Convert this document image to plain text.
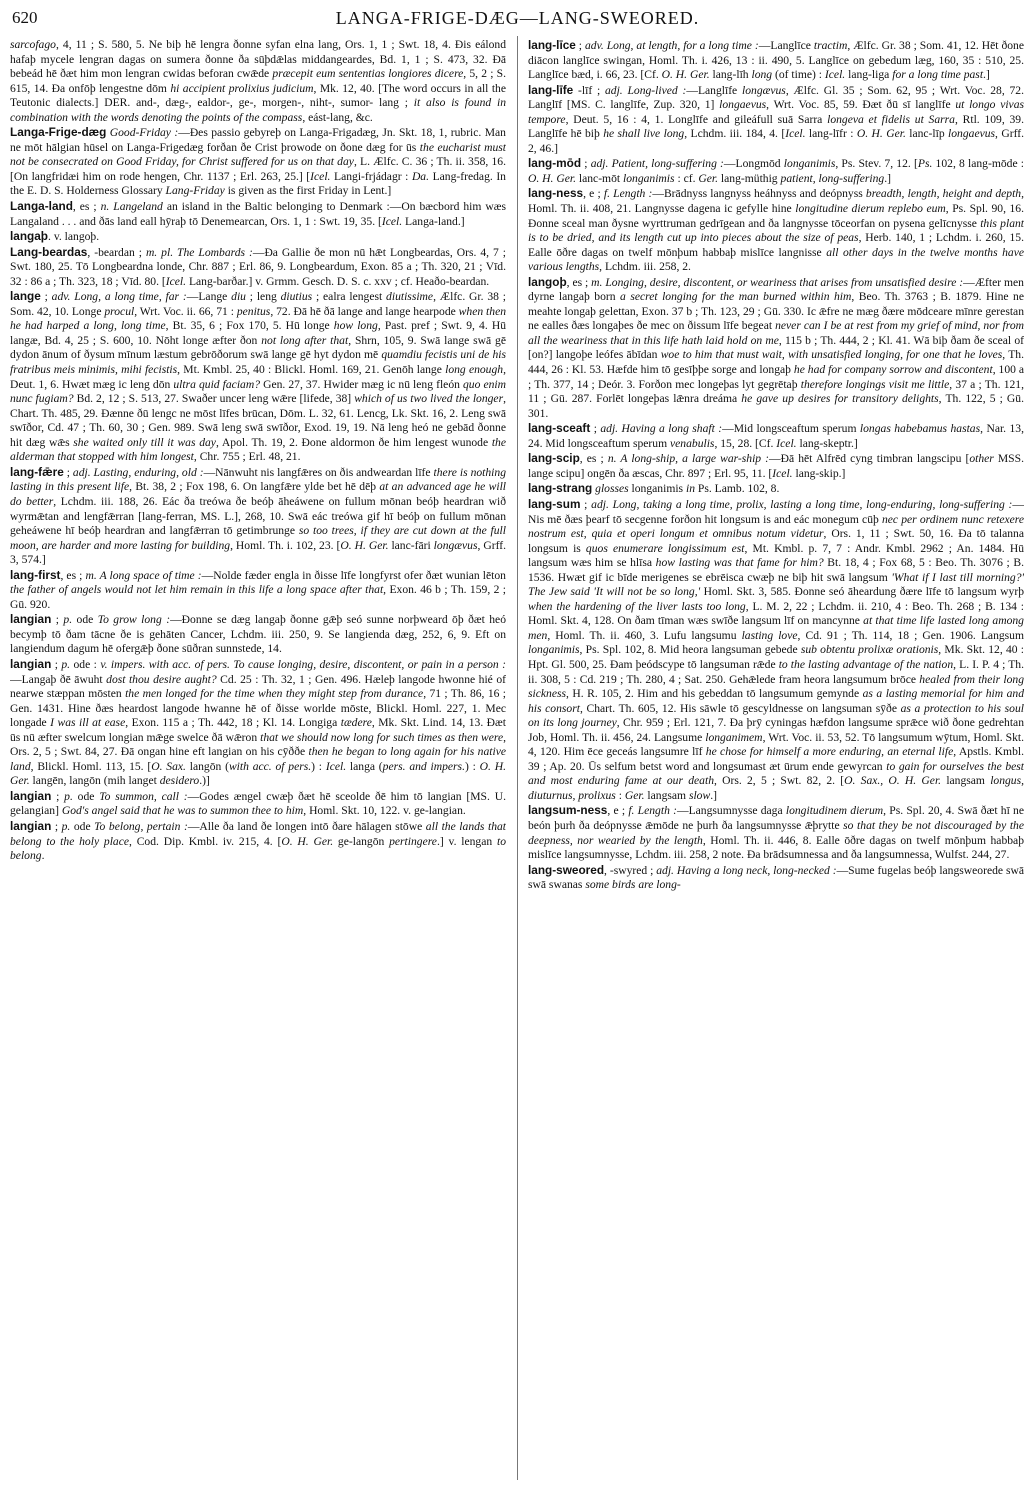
620	LANGA-FRIGE-DÆG—LANG-SWEORED.

sarcofago, 4, 11 ; S. 580, 5. Ne biþ hē lengra ðonne syfan elna lang, Ors. 1, 1 ; Swt. 18, 4. Ðis eálond hafaþ mycele lengran dagas on sumera ðonne ða sūþdǣlas middangeardes, Bd. 1, 1 ; S. 473, 32. Ðā bebeád hē ðæt him mon lengran cwidas beforan cwǣde præcepit eum sententias longiores dicere, 5, 2 ; S. 615, 14. Ða onfōþ lengestne dōm hi accipient prolixius judicium, Mk. 12, 40. [The word occurs in all the Teutonic dialects.] DER. and-, dæg-, ealdor-, ge-, morgen-, niht-, sumor- lang ; it also is found in combination with the words denoting the points of the compass, eást-lang, &c.

Langa-Frige-dæg Good-Friday :—Ðes passio gebyreþ on Langa-Frigadæg, Jn. Skt. 18, 1, rubric. Man ne mōt hālgian hūsel on Langa-Frigedæg forðan ðe Crist þrowode on ðone dæg for ūs the eucharist must not be consecrated on Good Friday, for Christ suffered for us on that day, L. Ælfc. C. 36 ; Th. ii. 358, 16. [On langfridæi him on rode hengen, Chr. 1137 ; Erl. 263, 25.] [Icel. Langi-frjádagr : Da. Lang-fredag. In the E. D. S. Holderness Glossary Lang-Friday is given as the first Friday in Lent.]

Langa-land, es ; n. Langeland an island in the Baltic belonging to Denmark :—On bæcbord him wæs Langaland . . . and ðās land eall hȳraþ tō Denemearcan, Ors. 1, 1 : Swt. 19, 35. [Icel. Langa-land.]

langaþ. v. langoþ.

Lang-beardas, -beardan ; m. pl. The Lombards :—Ða Gallie ðe mon nū hǣt Longbeardas, Ors. 4, 7 ; Swt. 180, 25. Tō Longbeardna londe, Chr. 887 ; Erl. 86, 9. Longbeardum, Exon. 85 a ; Th. 320, 21 ; Vīd. 32 : 86 a ; Th. 323, 18 ; Vīd. 80. [Icel. Lang-barðar.] v. Grmm. Gesch. D. S. c. xxv ; cf. Heaðo-beardan.

lange ; adv. Long, a long time, far :—Lange diu ; leng diutius ; ealra lengest diutissime, Ælfc. Gr. 38 ; Som. 42, 10. Longe procul, Wrt. Voc. ii. 66, 71 : penitus, 72. Ðā hē ðā lange and lange hearpode when then he had harped a long, long time, Bt. 35, 6 ; Fox 170, 5. Hū longe how long, Past. pref ; Swt. 9, 4. Hū langæ, Bd. 4, 25 ; S. 600, 10. Nōht longe æfter ðon not long after that, Shrn, 105, 9. Swā lange swā gē dydon ānum of ðysum mīnum læstum gebrōðorum swā lange gē hyt dydon mē quamdiu fecistis uni de his fratribus meis minimis, mihi fecistis, Mt. Kmbl. 25, 40 : Blickl. Homl. 169, 21. Genōh lange long enough, Deut. 1, 6. Hwæt mæg ic leng dōn ultra quid faciam? Gen. 27, 37. Hwider mæg ic nū leng fleón quo enim nunc fugiam? Bd. 2, 12 ; S. 513, 27. Swaðer uncer leng wǣre [lifede, 38] which of us two lived the longer, Chart. Th. 485, 29. Ðænne ðū lengc ne mōst līfes brūcan, Dōm. L. 32, 61. Lencg, Lk. Skt. 16, 2. Leng swā swīðor, Cd. 47 ; Th. 60, 30 ; Gen. 989. Swā leng swā swīðor, Exod. 19, 19. Nā leng heó ne gebād ðonne hit dæg wǣs she waited only till it was day, Apol. Th. 19, 2. Ðone aldormon ðe him lengest wunode the alderman that stopped with him longest, Chr. 755 ; Erl. 48, 21.

lang-fǣre ; adj. Lasting, enduring, old :—Nānwuht nis langfǣres on ðis andweardan līfe there is nothing lasting in this present life, Bt. 38, 2 ; Fox 198, 6. On langfǣre ylde bet hē dēþ at an advanced age he will do better, Lchdm. iii. 188, 26. Eác ða treówa ðe beóþ āheáwene on fullum mōnan beóþ heardran wið wyrmǣtan and lengfǣrran [lang-ferran, MS. L.], 268, 10. Swā eác treówa gif hī beóþ on fullum mōnan geheáwene hī beóþ heardran and langfǣrran tō getimbrunge so too trees, if they are cut down at the full moon, are harder and more lasting for building, Homl. Th. i. 102, 23. [O. H. Ger. lanc-fāri longævus, Grff. 3, 574.]

lang-first, es ; m. A long space of time :—Nolde fæder engla in ðisse līfe longfyrst ofer ðæt wunian lēton the father of angels would not let him remain in this life a long space after that, Exon. 46 b ; Th. 159, 2 ; Gū. 920.

langian ; p. ode To grow long :—Ðonne se dæg langaþ ðonne gǣþ seó sunne norþweard ōþ ðæt heó becymþ tō ðam tācne ðe is gehāten Cancer, Lchdm. iii. 250, 9. Se langienda dæg, 252, 6, 9. Eft on langiendum dagum hē ofergǣþ ðone sūðran sunnstede, 14.

langian ; p. ode : v. impers. with acc. of pers. To cause longing, desire, discontent, or pain in a person :—Langaþ ðē āwuht dost thou desire aught? Cd. 25 : Th. 32, 1 ; Gen. 496. Hæleþ langode hwonne hié of nearwe stæppan mōsten the men longed for the time when they might step from durance, 71 ; Th. 86, 16 ; Gen. 1431. Hine ðæs heardost langode hwanne hē of ðisse worlde mōste, Blickl. Homl. 227, 1. Mec longade I was ill at ease, Exon. 115 a ; Th. 442, 18 ; Kl. 14. Longiga tædere, Mk. Skt. Lind. 14, 13. Ðæt ūs nū æfter swelcum longian mǣge swelce ðā wǣron that we should now long for such times as then were, Ors. 2, 5 ; Swt. 84, 27. Ðā ongan hine eft langian on his cȳððe then he began to long again for his native land, Blickl. Homl. 113, 15. [O. Sax. langōn (with acc. of pers.) : Icel. langa (pers. and impers.) : O. H. Ger. langēn, langōn (mih langet desidero.)]

langian ; p. ode To summon, call :—Godes ængel cwæþ ðæt hē sceolde ðē him tō langian [MS. U. gelangian] God's angel said that he was to summon thee to him, Homl. Skt. 10, 122. v. ge-langian.

langian ; p. ode To belong, pertain :—Alle ða land ðe longen intō ðare hālagen stōwe all the lands that belong to the holy place, Cod. Dip. Kmbl. iv. 215, 4. [O. H. Ger. ge-langōn pertingere.] v. lengan to belong.

lang-līce ; adv. Long, at length, for a long time :—Langlīce tractim, Ælfc. Gr. 38 ; Som. 41, 12. Hēt ðone diācon langlīce swingan, Homl. Th. i. 426, 13 : ii. 490, 5. Langlīce on gebedum læg, 160, 35 : 510, 25. Langlīce bæd, i. 66, 23. [Cf. O. H. Ger. lang-līh long (of time) : Icel. lang-liga for a long time past.]

lang-līfe -līf ; adj. Long-lived :—Langlīfe longævus, Ælfc. Gl. 35 ; Som. 62, 95 ; Wrt. Voc. 28, 72. Langlīf [MS. C. langlīfe, Zup. 320, 1] longaevus, Wrt. Voc. 85, 59. Ðæt ðū sī langlīfe ut longo vivas tempore, Deut. 5, 16 : 4, 1. Longlīfe and gileáfull suā Sarra longeva et fidelis ut Sarra, Rtl. 109, 39. Langlīfe hē biþ he shall live long, Lchdm. iii. 184, 4. [Icel. lang-līfr : O. H. Ger. lanc-līp longaevus, Grff. 2, 46.]

lang-mōd ; adj. Patient, long-suffering :—Longmōd longanimis, Ps. Stev. 7, 12. [Ps. 102, 8 lang-mōde : O. H. Ger. lanc-mōt longanimis : cf. Ger. lang-müthig patient, long-suffering.]

lang-ness, e ; f. Length :—Brādnyss langnyss heáhnyss and deópnyss breadth, length, height and depth, Homl. Th. ii. 408, 21. Langnysse dagena ic gefylle hine longitudine dierum replebo eum, Ps. Spl. 90, 16. Ðonne sceal man ðysne wyrttruman gedrīgean and ða langnysse tōceorfan on pysena gelīcnysse this plant is to be dried, and its length cut up into pieces about the size of peas, Herb. 140, 1 ; Lchdm. i. 260, 15. Ealle ōðre dagas on twelf mōnþum habbaþ mislīce langnisse all other days in the twelve months have various lengths, Lchdm. iii. 258, 2.

langoþ, es ; m. Longing, desire, discontent, or weariness that arises from unsatisfied desire :—Æfter men dyrne langaþ born a secret longing for the man burned within him, Beo. Th. 3763 ; B. 1879. Hine ne meahte longaþ gelettan, Exon. 37 b ; Th. 123, 29 ; Gū. 330. Ic ǣfre ne mæg ðære mōdceare mīnre gerestan ne ealles ðæs longaþes ðe mec on ðissum līfe begeat never can I be at rest from my grief of mind, nor from all the weariness that in this life hath laid hold on me, 115 b ; Th. 444, 2 ; Kl. 41. Wā biþ ðam ðe sceal of [on?] langoþe leófes ābīdan woe to him that must wait, with unsatisfied longing, for one that he loves, Th. 444, 26 : Kl. 53. Hæfde him tō gesīþþe sorge and longaþ he had for company sorrow and discontent, 100 a ; Th. 377, 14 ; Deór. 3. Forðon mec longeþas lyt gegrētaþ therefore longings visit me little, 37 a ; Th. 121, 11 ; Gū. 287. Forlēt longeþas lǣnra dreáma he gave up desires for transitory delights, Th. 122, 5 ; Gū. 301.

lang-sceaft ; adj. Having a long shaft :—Mid longsceaftum sperum longas habebamus hastas, Nar. 13, 24. Mid longsceaftum sperum venabulis, 15, 28. [Cf. Icel. lang-skeptr.]

lang-scip, es ; n. A long-ship, a large war-ship :—Ðā hēt Alfrēd cyng timbran langscipu [other MSS. lange scipu] ongēn ða æscas, Chr. 897 ; Erl. 95, 11. [Icel. lang-skip.]

lang-strang glosses longanimis in Ps. Lamb. 102, 8.

lang-sum ; adj. Long, taking a long time, prolix, lasting a long time, long-enduring, long-suffering :—Nis mē ðæs þearf tō secgenne forðon hit longsum is and eác monegum cūþ nec per ordinem nunc retexere nostrum est, quia et operi longum et omnibus notum videtur, Ors. 1, 11 ; Swt. 50, 16. Ða tō talanna longsum is quos enumerare longissimum est, Mt. Kmbl. p. 7, 7 : Andr. Kmbl. 2962 ; An. 1484. Hū langsum wæs him se hlīsa how lasting was that fame for him? Bt. 18, 4 ; Fox 68, 5 : Beo. Th. 3076 ; B. 1536. Hwæt gif ic bīde merigenes se ebrēisca cwæþ ne biþ hit swā langsum 'What if I last till morning?' The Jew said 'It will not be so long,' Homl. Skt. 3, 585. Ðonne seó āheardung ðære līfe tō langsum wyrþ when the hardening of the liver lasts too long, L. M. 2, 22 ; Lchdm. ii. 210, 4 : Beo. Th. 268 ; B. 134 : Homl. Skt. 4, 128. On ðam tīman wæs swīðe langsum līf on mancynne at that time life lasted long among men, Homl. Th. ii. 460, 3. Lufu langsumu lasting love, Cd. 91 ; Th. 114, 18 ; Gen. 1906. Langsum longanimis, Ps. Spl. 102, 8. Mid heora langsuman gebede sub obtentu prolixæ orationis, Mk. Skt. 12, 40 : Hpt. Gl. 500, 25. Ðam þeódscype tō langsuman rǣde to the lasting advantage of the nation, L. I. P. 4 ; Th. ii. 308, 5 : Cd. 219 ; Th. 280, 4 ; Sat. 250. Gehǣlede fram heora langsumum brōce healed from their long sickness, H. R. 105, 2. Him and his gebeddan tō langsumum gemynde as a lasting memorial for him and his consort, Chart. Th. 605, 12. His sāwle tō gescyldnesse on langsuman sȳðe as a protection to his soul on its long journey, Chr. 959 ; Erl. 121, 7. Ða þrȳ cyningas hæfdon langsume sprǣce wið ðone gedrehtan Job, Homl. Th. ii. 456, 24. Langsume longanimem, Wrt. Voc. ii. 53, 52. Tō langsumum wȳtum, Homl. Skt. 4, 120. Him ēce geceás langsumre līf he chose for himself a more enduring, an eternal life, Apstls. Kmbl. 39 ; Ap. 20. Ūs selfum betst word and longsumast æt ūrum ende gewyrcan to gain for ourselves the best and most enduring fame at our death, Ors. 2, 5 ; Swt. 82, 2. [O. Sax., O. H. Ger. langsam longus, diuturnus, prolixus : Ger. langsam slow.]

langsum-ness, e ; f. Length :—Langsumnysse daga longitudinem dierum, Ps. Spl. 20, 4. Swā ðæt hī ne beón þurh ða deópnysse ǣmōde ne þurh ða langsumnysse ǣþrytte so that they be not discouraged by the deepness, nor wearied by the length, Homl. Th. ii. 446, 8. Ealle ōðre dagas on twelf mōnþum habbaþ mislīce langsumnysse, Lchdm. iii. 258, 2 note. Ða brādsumnessa and ða langsumnessa, Wulfst. 244, 27.

lang-sweored, -swyred ; adj. Having a long neck, long-necked :—Sume fugelas beóþ langsweorede swā swā swanas some birds are long-
